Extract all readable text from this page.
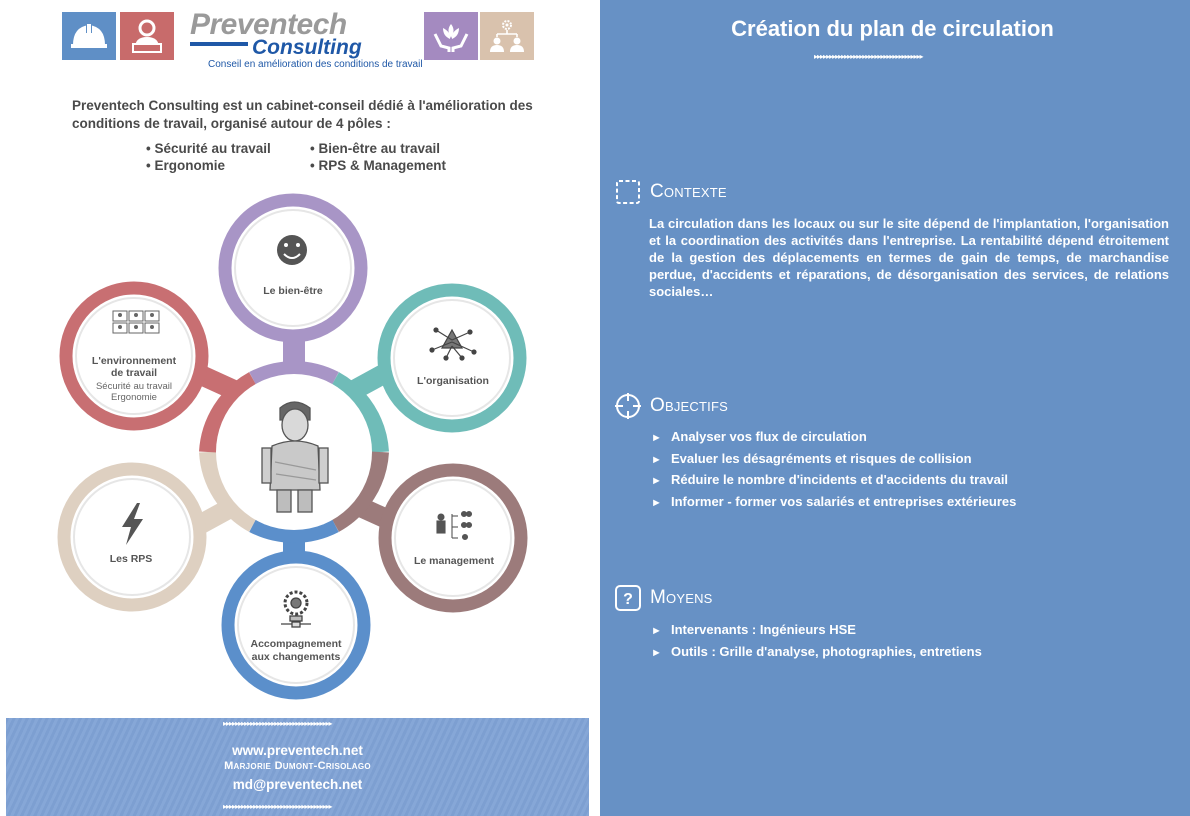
Preventech
Consulting
Conseil en amélioration des conditions de travail
Preventech Consulting est un cabinet-conseil dédié à l'amélioration des conditions de travail, organisé autour de 4 pôles :
• Sécurité au travail	• Bien-être au travail
• Ergonomie	• RPS & Management
Le bien-être
L'organisation
Le management
Accompagnement
aux changements
Les RPS
L'environnement
de travail
Sécurité au travail
Ergonomie
▸▸▸▸▸▸▸▸▸▸▸▸▸▸▸▸▸▸▸▸▸▸▸▸▸▸▸▸▸▸▸▸▸▸▸▸
www.preventech.net
Marjorie Dumont-Crisolago
md@preventech.net
▸▸▸▸▸▸▸▸▸▸▸▸▸▸▸▸▸▸▸▸▸▸▸▸▸▸▸▸▸▸▸▸▸▸▸▸
Création du plan de circulation
▸▸▸▸▸▸▸▸▸▸▸▸▸▸▸▸▸▸▸▸▸▸▸▸▸▸▸▸▸▸▸▸▸▸▸▸
Contexte
La circulation dans les locaux ou sur le site dépend de l'implantation, l'organisation et la coordination des activités dans l'entreprise. La rentabilité dépend étroitement de la gestion des déplacements en termes de gain de temps, de marchandise perdue, d'accidents et réparations, de désorganisation des services, de relations sociales…
Objectifs
► Analyser vos flux de circulation
► Evaluer les désagréments et risques de collision
► Réduire le nombre d'incidents et d'accidents du travail
► Informer - former vos salariés et entreprises extérieures
? Moyens
► Intervenants : Ingénieurs HSE
► Outils : Grille d'analyse, photographies, entretiens
